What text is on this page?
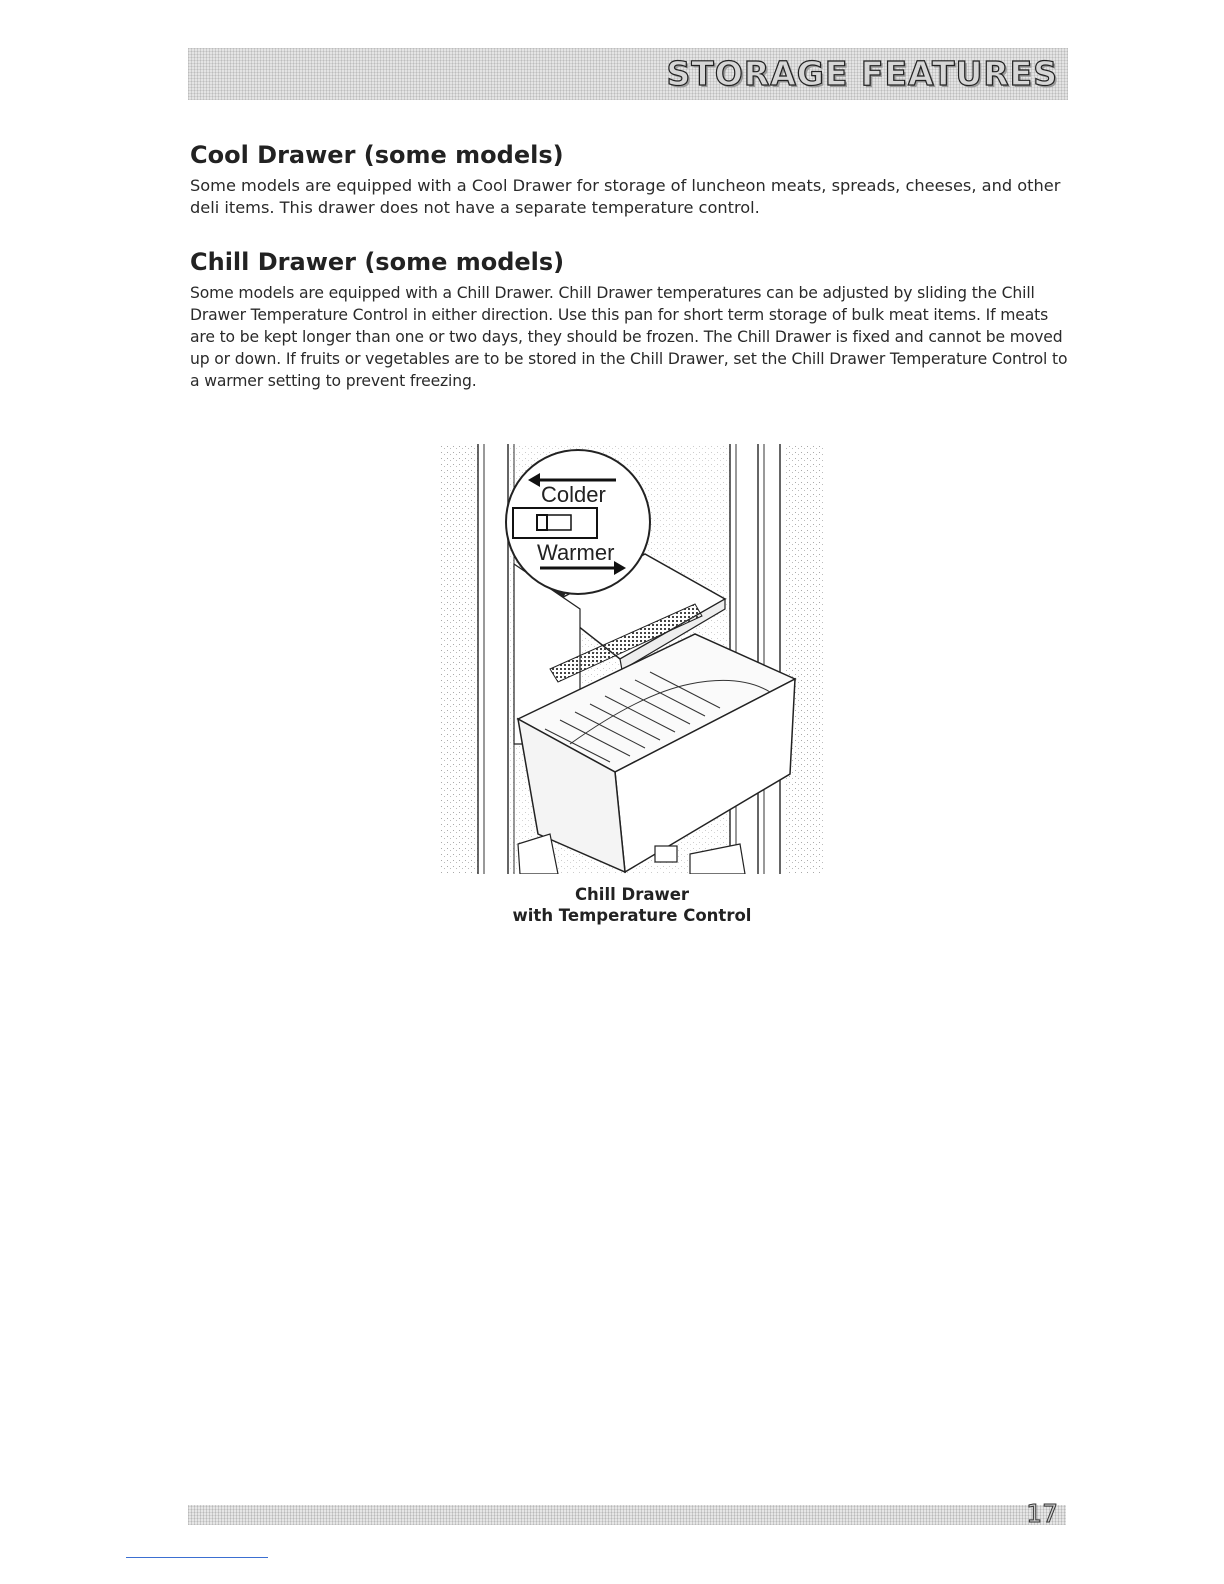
STORAGE FEATURES
Cool Drawer (some models)

Some models are equipped with a Cool Drawer for storage of luncheon meats, spreads, cheeses, and other deli items. This drawer does not have a separate temperature control.

Chill Drawer (some models)

Some models are equipped with a Chill Drawer. Chill Drawer temperatures can be adjusted by sliding the Chill Drawer Temperature Control in either direction. Use this pan for short term storage of bulk meat items. If meats are to be kept longer than one or two days, they should be frozen. The Chill Drawer is fixed and cannot be moved up or down. If fruits or vegetables are to be stored in the Chill Drawer, set the Chill Drawer Temperature Control to a warmer setting to prevent freezing.

Colder
Warmer
Chill Drawer
with Temperature Control
17
